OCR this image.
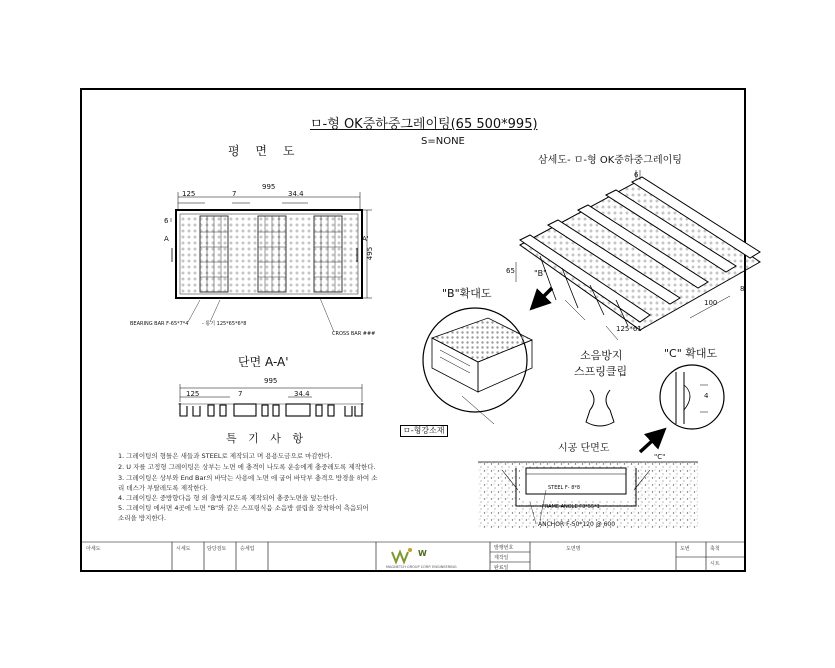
ㅁ-형 OK중하중그레이팅(65 500*995)
S=NONE
평 면 도
995
125	7	34.4
495
6
A	A'
BEARING BAR F-65*7*4	- 통기 125*65*6*8
CROSS BAR ###
단면 A-A'
995
125	7	34.4
특 기 사 항
1. 그레이팅의 형틀은 새들과 STEEL로 제작되고 며 용용도금으로 마감한다.
2. U 자를 고정형 그레이팅은 상부는 노면 에 충격이 나도록 운송에게 충중레도록 제작한다.
3. 그레이팅은 상부와 End Bar의 바닥는 사용에 노면 에 굽어 바닥부 충격으 방경을 하여 소
리 데스가 부탈레도록 제작한다.
4. 그레이팅은 중방향다음 형 외 출방지로도록 제작되어 충중노면을 덮는한다.
5. 그레이팅 에서면 4곳에 노면 "B"와 같은 스프링식음 소음방 클립을 장착하여 측음되어
소리을 방지한다.
삼세도- ㅁ-형 OK중하중그레이팅
6
65 "B"
100
8
125*61
"B"확대도
ㅁ-형강소재
소음방지
스프링클립
"C" 확대도
4
시공 단면도
"C"
STEEL F- 8*8
FRAME ANGLE F3*55*1
ANCHOR F-50*120 @ 600
아세도	시세도	담당검토	승세업	W
MAGNETCH GROUP CORP. ENGINEERING
발행번호
제작일
완료일
도면명	도번	축척
시트
